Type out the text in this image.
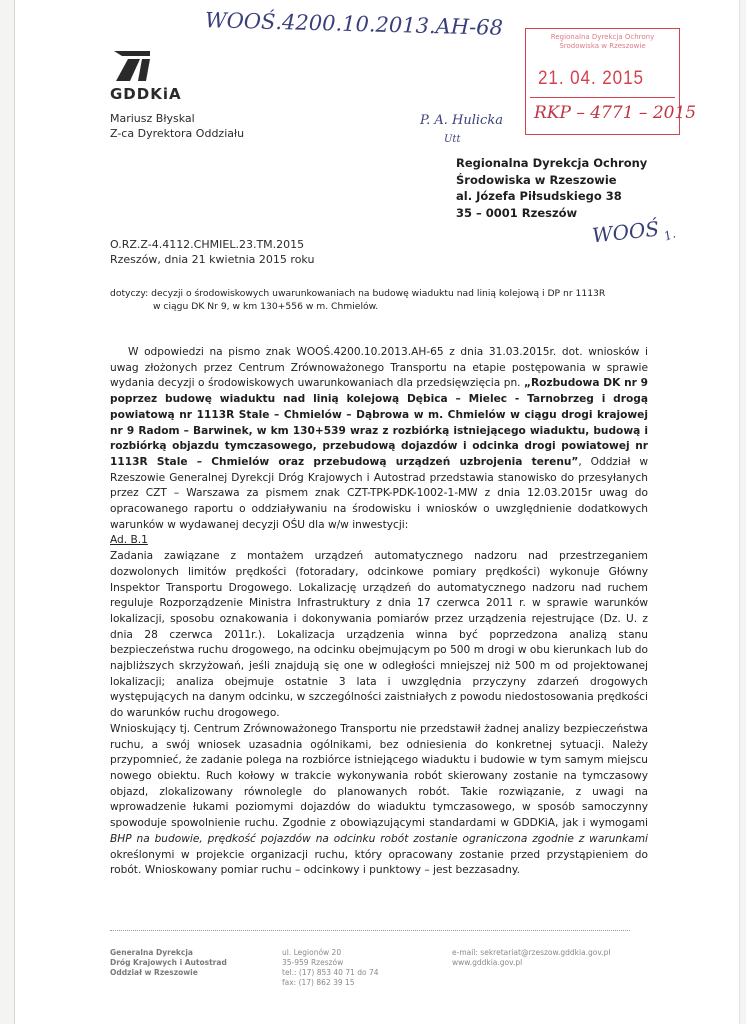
WOOŚ.4200.10.2013.AH-68
GDDKiA
Mariusz Błyskal
Z-ca Dyrektora Oddziału
Regionalna Dyrekcja Ochrony Środowiska w Rzeszowie
21. 04. 2015
RKP – 4771 – 2015
P. A. Hulicka
Utt
Regionalna Dyrekcja Ochrony
Środowiska w Rzeszowie
al. Józefa Piłsudskiego 38
35 – 0001 Rzeszów
WOOŚ 1.
O.RZ.Z-4.4112.CHMIEL.23.TM.2015
Rzeszów, dnia 21 kwietnia 2015 roku
dotyczy: decyzji o środowiskowych uwarunkowaniach na budowę wiaduktu nad linią kolejową i DP nr 1113R
w ciągu DK Nr 9, w km 130+556 w m. Chmielów.

W odpowiedzi na pismo znak WOOŚ.4200.10.2013.AH-65 z dnia 31.03.2015r. dot. wniosków i uwag złożonych przez Centrum Zrównoważonego Transportu na etapie postępowania w sprawie wydania decyzji o środowiskowych uwarunkowaniach dla przedsięwzięcia pn. „Rozbudowa DK nr 9 poprzez budowę wiaduktu nad linią kolejową Dębica – Mielec - Tarnobrzeg i drogą powiatową nr 1113R Stale – Chmielów – Dąbrowa w m. Chmielów w ciągu drogi krajowej nr 9 Radom – Barwinek, w km 130+539 wraz z rozbiórką istniejącego wiaduktu, budową i rozbiórką objazdu tymczasowego, przebudową dojazdów i odcinka drogi powiatowej nr 1113R Stale – Chmielów oraz przebudową urządzeń uzbrojenia terenu”, Oddział w Rzeszowie Generalnej Dyrekcji Dróg Krajowych i Autostrad przedstawia stanowisko do przesyłanych przez CZT – Warszawa za pismem znak CZT-TPK-PDK-1002-1-MW z dnia 12.03.2015r uwag do opracowanego raportu o oddziaływaniu na środowisku i wniosków o uwzględnienie dodatkowych warunków w wydawanej decyzji OŚU dla w/w inwestycji:

Ad. B.1

Zadania zawiązane z montażem urządzeń automatycznego nadzoru nad przestrzeganiem dozwolonych limitów prędkości (fotoradary, odcinkowe pomiary prędkości) wykonuje Główny Inspektor Transportu Drogowego. Lokalizację urządzeń do automatycznego nadzoru nad ruchem reguluje Rozporządzenie Ministra Infrastruktury z dnia 17 czerwca 2011 r. w sprawie warunków lokalizacji, sposobu oznakowania i dokonywania pomiarów przez urządzenia rejestrujące (Dz. U. z dnia 28 czerwca 2011r.). Lokalizacja urządzenia winna być poprzedzona analizą stanu bezpieczeństwa ruchu drogowego, na odcinku obejmującym po 500 m drogi w obu kierunkach lub do najbliższych skrzyżowań, jeśli znajdują się one w odległości mniejszej niż 500 m od projektowanej lokalizacji; analiza obejmuje ostatnie 3 lata i uwzględnia przyczyny zdarzeń drogowych występujących na danym odcinku, w szczególności zaistniałych z powodu niedostosowania prędkości do warunków ruchu drogowego.

Wnioskujący tj. Centrum Zrównoważonego Transportu nie przedstawił żadnej analizy bezpieczeństwa ruchu, a swój wniosek uzasadnia ogólnikami, bez odniesienia do konkretnej sytuacji. Należy przypomnieć, że zadanie polega na rozbiórce istniejącego wiaduktu i budowie w tym samym miejscu nowego obiektu. Ruch kołowy w trakcie wykonywania robót skierowany zostanie na tymczasowy objazd, zlokalizowany równolegle do planowanych robót. Takie rozwiązanie, z uwagi na wprowadzenie łukami poziomymi dojazdów do wiaduktu tymczasowego, w sposób samoczynny spowoduje spowolnienie ruchu. Zgodnie z obowiązującymi standardami w GDDKiA, jak i wymogami BHP na budowie, prędkość pojazdów na odcinku robót zostanie ograniczona zgodnie z warunkami określonymi w projekcie organizacji ruchu, który opracowany zostanie przed przystąpieniem do robót. Wnioskowany pomiar ruchu – odcinkowy i punktowy – jest bezzasadny.

Generalna Dyrekcja
Dróg Krajowych i Autostrad
Oddział w Rzeszowie
ul. Legionów 20
35-959 Rzeszów
tel.: (17) 853 40 71 do 74
fax: (17) 862 39 15
e-mail: sekretariat@rzeszow.gddkia.gov.pl
www.gddkia.gov.pl
